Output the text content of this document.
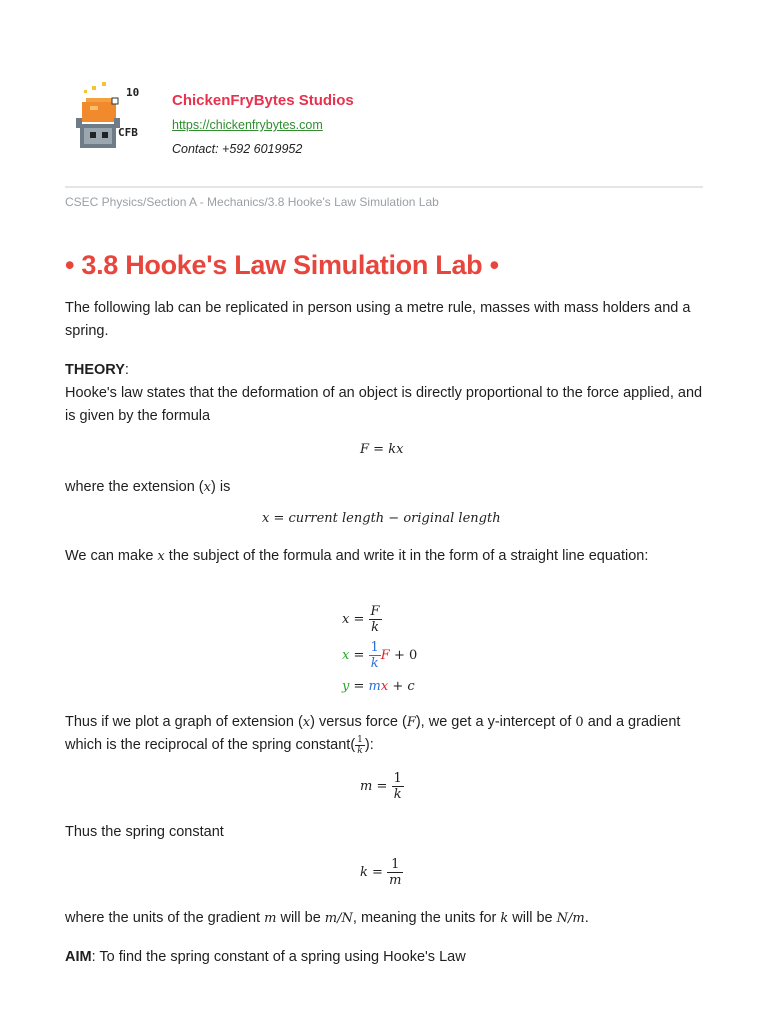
10
CFB
ChickenFryBytes Studios
https://chickenfrybytes.com
Contact: +592 6019952
CSEC Physics/Section A - Mechanics/3.8 Hooke's Law Simulation Lab
• 3.8 Hooke's Law Simulation Lab •
The following lab can be replicated in person using a metre rule, masses with mass holders and a spring.
THEORY:
Hooke's law states that the deformation of an object is directly proportional to the force applied, and is given by the formula
F = kx
where the extension (x) is
x = current length − original length
We can make x the subject of the formula and write it in the form of a straight line equation:
$x = \frac{F}{k}$
$x = \frac{1}{k}$ F + 0
y = mx + c
Thus if we plot a graph of extension (x) versus force (F), we get a y-intercept of 0 and a gradient which is the reciprocal of the spring constant( $\frac{1}{k}$ ):
$m = \frac{1}{k}$
Thus the spring constant
$k = \frac{1}{m}$
where the units of the gradient m will be m/N, meaning the units for k will be N/m.
AIM: To find the spring constant of a spring using Hooke's Law
